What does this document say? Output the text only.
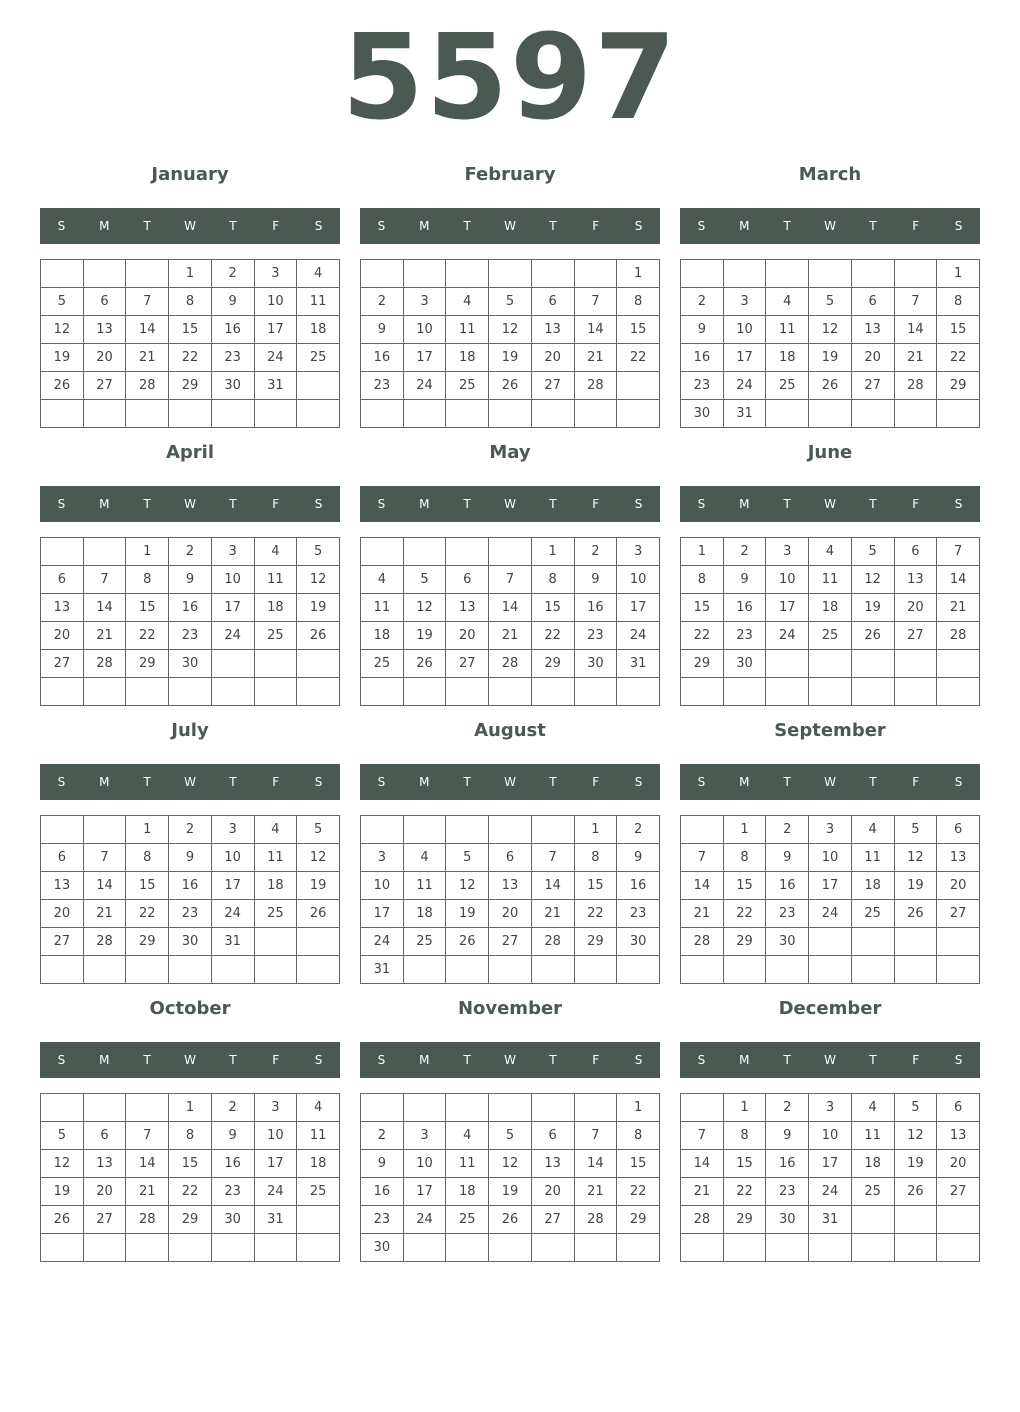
5597
January
S	M	T	W	T	F	S
			1	2	3	4
5	6	7	8	9	10	11
12	13	14	15	16	17	18
19	20	21	22	23	24	25
26	27	28	29	30	31	

February
S	M	T	W	T	F	S
						1
2	3	4	5	6	7	8
9	10	11	12	13	14	15
16	17	18	19	20	21	22
23	24	25	26	27	28	

March
S	M	T	W	T	F	S
						1
2	3	4	5	6	7	8
9	10	11	12	13	14	15
16	17	18	19	20	21	22
23	24	25	26	27	28	29
30	31					
April
S	M	T	W	T	F	S
		1	2	3	4	5
6	7	8	9	10	11	12
13	14	15	16	17	18	19
20	21	22	23	24	25	26
27	28	29	30			

May
S	M	T	W	T	F	S
				1	2	3
4	5	6	7	8	9	10
11	12	13	14	15	16	17
18	19	20	21	22	23	24
25	26	27	28	29	30	31

June
S	M	T	W	T	F	S
1	2	3	4	5	6	7
8	9	10	11	12	13	14
15	16	17	18	19	20	21
22	23	24	25	26	27	28
29	30					

July
S	M	T	W	T	F	S
		1	2	3	4	5
6	7	8	9	10	11	12
13	14	15	16	17	18	19
20	21	22	23	24	25	26
27	28	29	30	31		

August
S	M	T	W	T	F	S
					1	2
3	4	5	6	7	8	9
10	11	12	13	14	15	16
17	18	19	20	21	22	23
24	25	26	27	28	29	30
31						
September
S	M	T	W	T	F	S
	1	2	3	4	5	6
7	8	9	10	11	12	13
14	15	16	17	18	19	20
21	22	23	24	25	26	27
28	29	30				

October
S	M	T	W	T	F	S
			1	2	3	4
5	6	7	8	9	10	11
12	13	14	15	16	17	18
19	20	21	22	23	24	25
26	27	28	29	30	31	

November
S	M	T	W	T	F	S
						1
2	3	4	5	6	7	8
9	10	11	12	13	14	15
16	17	18	19	20	21	22
23	24	25	26	27	28	29
30						
December
S	M	T	W	T	F	S
	1	2	3	4	5	6
7	8	9	10	11	12	13
14	15	16	17	18	19	20
21	22	23	24	25	26	27
28	29	30	31			
